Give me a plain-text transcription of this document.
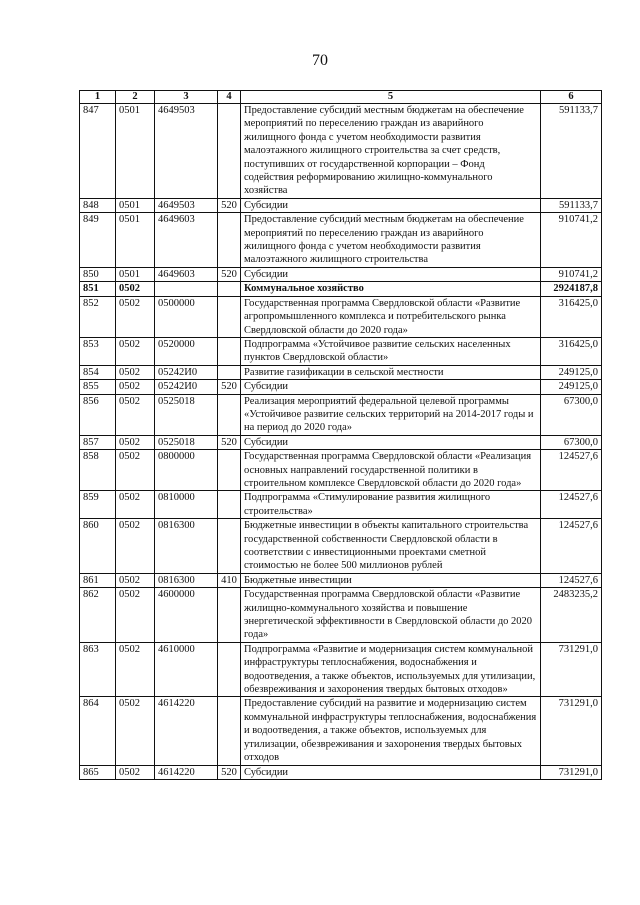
70
1	2	3	4	5	6
847	0501	4649503		Предоставление субсидий местным бюджетам на обеспечение мероприятий по переселению граждан из аварийного жилищного фонда с учетом необходимости развития малоэтажного жилищного строительства за счет средств, поступивших от государственной корпорации – Фонд содействия реформированию жилищно-коммунального хозяйства	591133,7
848	0501	4649503	520	Субсидии	591133,7
849	0501	4649603		Предоставление субсидий местным бюджетам на обеспечение мероприятий по переселению граждан из аварийного жилищного фонда с учетом необходимости развития малоэтажного жилищного строительства	910741,2
850	0501	4649603	520	Субсидии	910741,2
851	0502			Коммунальное хозяйство	2924187,8
852	0502	0500000		Государственная программа Свердловской области «Развитие агропромышленного комплекса и потребительского рынка Свердловской области до 2020 года»	316425,0
853	0502	0520000		Подпрограмма «Устойчивое развитие сельских населенных пунктов Свердловской области»	316425,0
854	0502	05242И0		Развитие газификации в сельской местности	249125,0
855	0502	05242И0	520	Субсидии	249125,0
856	0502	0525018		Реализация мероприятий федеральной целевой программы «Устойчивое развитие сельских территорий на 2014-2017 годы и на период до 2020 года»	67300,0
857	0502	0525018	520	Субсидии	67300,0
858	0502	0800000		Государственная программа Свердловской области «Реализация основных направлений государственной политики в строительном комплексе Свердловской области до 2020 года»	124527,6
859	0502	0810000		Подпрограмма «Стимулирование развития жилищного строительства»	124527,6
860	0502	0816300		Бюджетные инвестиции в объекты капитального строительства государственной собственности Свердловской области в соответствии с инвестиционными проектами сметной стоимостью не более 500 миллионов рублей	124527,6
861	0502	0816300	410	Бюджетные инвестиции	124527,6
862	0502	4600000		Государственная программа Свердловской области «Развитие жилищно-коммунального хозяйства и повышение энергетической эффективности в Свердловской области до 2020 года»	2483235,2
863	0502	4610000		Подпрограмма «Развитие и модернизация систем коммунальной инфраструктуры теплоснабжения, водоснабжения и водоотведения, а также объектов, используемых для утилизации, обезвреживания и захоронения твердых бытовых отходов»	731291,0
864	0502	4614220		Предоставление субсидий на развитие и модернизацию систем коммунальной инфраструктуры теплоснабжения, водоснабжения и водоотведения, а также объектов, используемых для утилизации, обезвреживания и захоронения твердых бытовых отходов	731291,0
865	0502	4614220	520	Субсидии	731291,0
